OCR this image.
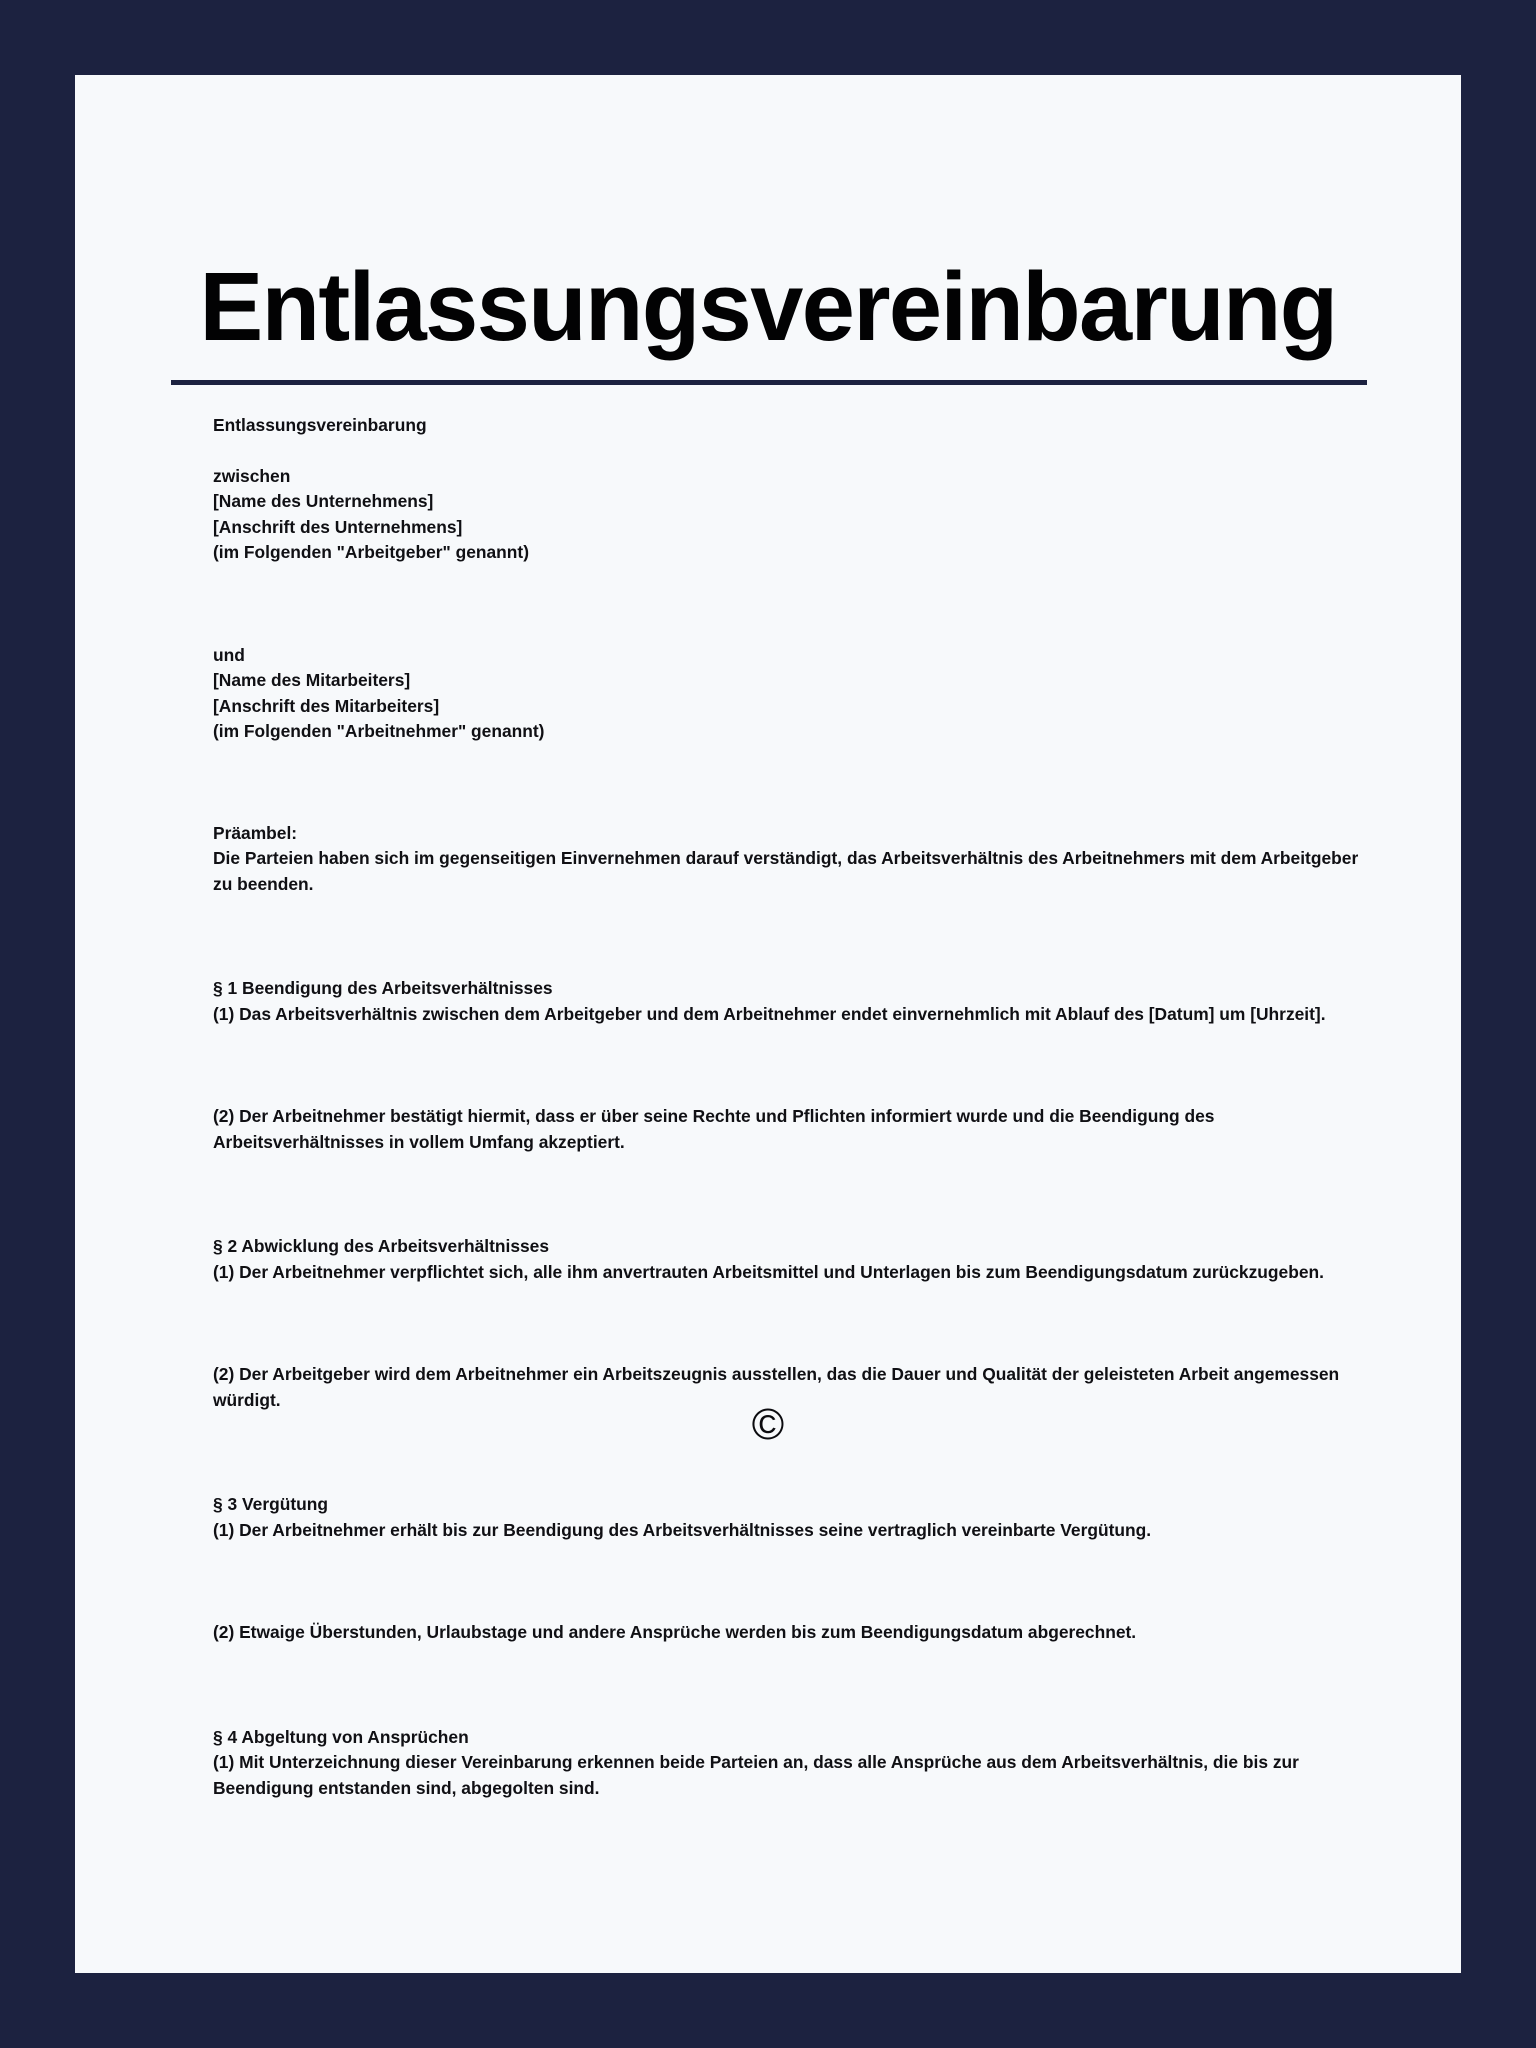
Entlassungsvereinbarung
Entlassungsvereinbarung
zwischen
[Name des Unternehmens]
[Anschrift des Unternehmens]
(im Folgenden "Arbeitgeber" genannt)
und
[Name des Mitarbeiters]
[Anschrift des Mitarbeiters]
(im Folgenden "Arbeitnehmer" genannt)
Präambel:
Die Parteien haben sich im gegenseitigen Einvernehmen darauf verständigt, das Arbeitsverhältnis des Arbeitnehmers mit dem Arbeitgeber zu beenden.
§ 1 Beendigung des Arbeitsverhältnisses
(1) Das Arbeitsverhältnis zwischen dem Arbeitgeber und dem Arbeitnehmer endet einvernehmlich mit Ablauf des [Datum] um [Uhrzeit].
(2) Der Arbeitnehmer bestätigt hiermit, dass er über seine Rechte und Pflichten informiert wurde und die Beendigung des Arbeitsverhältnisses in vollem Umfang akzeptiert.
§ 2 Abwicklung des Arbeitsverhältnisses
(1) Der Arbeitnehmer verpflichtet sich, alle ihm anvertrauten Arbeitsmittel und Unterlagen bis zum Beendigungsdatum zurückzugeben.
(2) Der Arbeitgeber wird dem Arbeitnehmer ein Arbeitszeugnis ausstellen, das die Dauer und Qualität der geleisteten Arbeit angemessen würdigt.
§ 3 Vergütung
(1) Der Arbeitnehmer erhält bis zur Beendigung des Arbeitsverhältnisses seine vertraglich vereinbarte Vergütung.
(2) Etwaige Überstunden, Urlaubstage und andere Ansprüche werden bis zum Beendigungsdatum abgerechnet.
§ 4 Abgeltung von Ansprüchen
(1) Mit Unterzeichnung dieser Vereinbarung erkennen beide Parteien an, dass alle Ansprüche aus dem Arbeitsverhältnis, die bis zur Beendigung entstanden sind, abgegolten sind.
©
